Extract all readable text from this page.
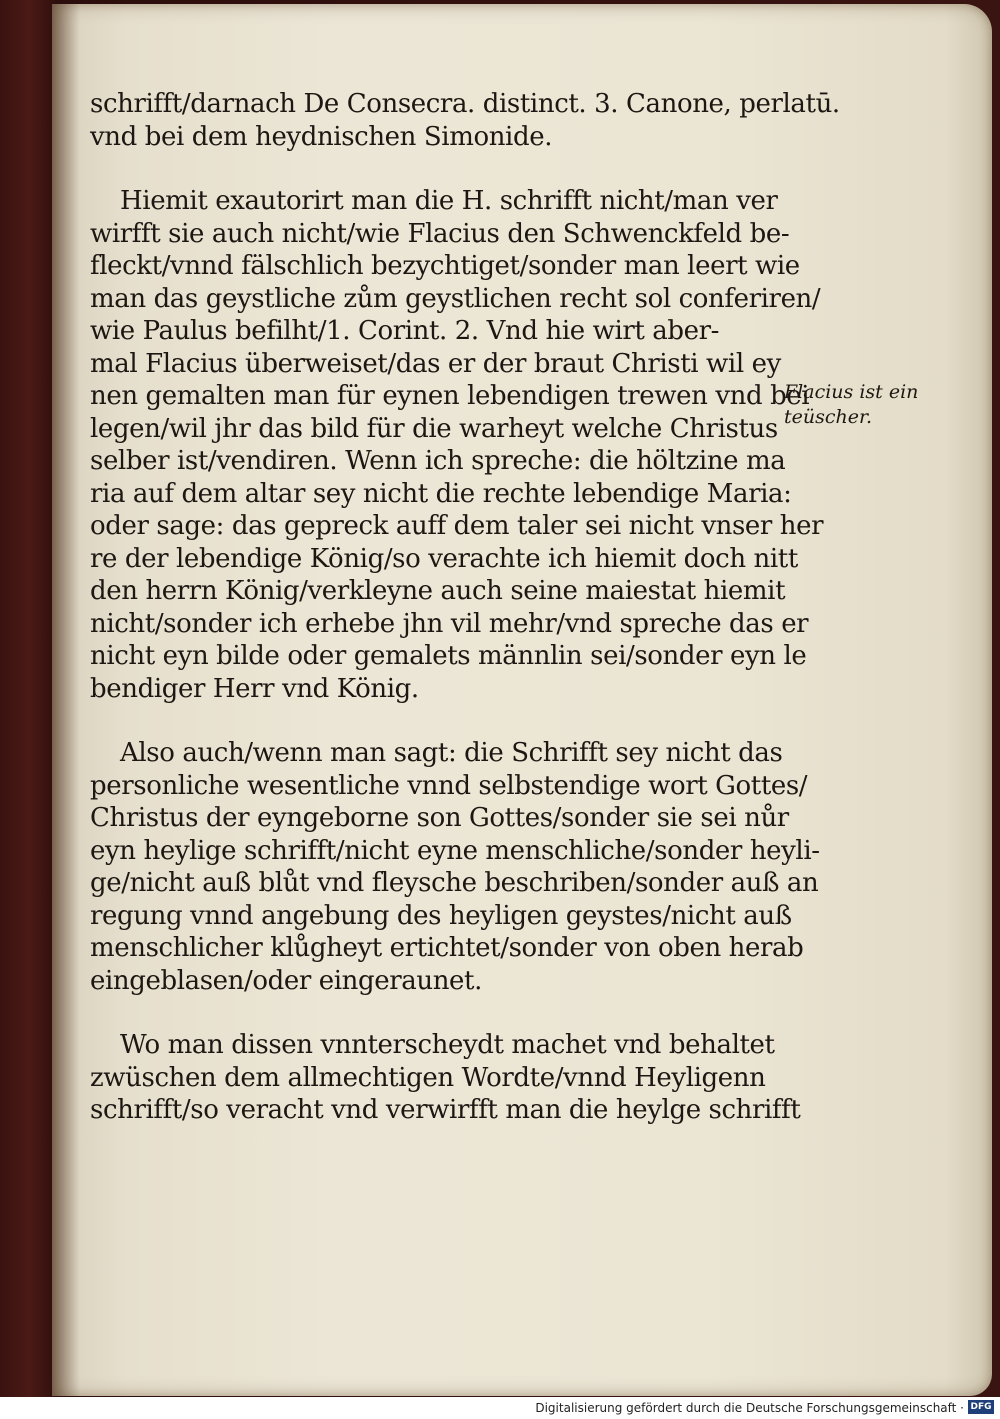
schrifft/darnach De Consecra. distinct. 3. Canone, perlatū.
vnd bei dem heydnischen Simonide.
Hiemit exautorirt man die H. schrifft nicht/man ver
wirfft sie auch nicht/wie Flacius den Schwenckfeld be-
fleckt/vnnd fälschlich bezychtiget/sonder man leert wie
man das geystliche zům geystlichen recht sol conferiren/
wie Paulus befilht/1. Corint. 2. Vnd hie wirt aber-
mal Flacius überweiset/das er der braut Christi wil ey
nen gemalten man für eynen lebendigen trewen vnd bei
legen/wil jhr das bild für die warheyt welche Christus
selber ist/vendiren. Wenn ich spreche: die höltzine ma
ria auf dem altar sey nicht die rechte lebendige Maria:
oder sage: das gepreck auff dem taler sei nicht vnser her
re der lebendige König/so verachte ich hiemit doch nitt
den herrn König/verkleyne auch seine maiestat hiemit
nicht/sonder ich erhebe jhn vil mehr/vnd spreche das er
nicht eyn bilde oder gemalets männlin sei/sonder eyn le
bendiger Herr vnd König.
Also auch/wenn man sagt: die Schrifft sey nicht das
personliche wesentliche vnnd selbstendige wort Gottes/
Christus der eyngeborne son Gottes/sonder sie sei nůr
eyn heylige schrifft/nicht eyne menschliche/sonder heyli-
ge/nicht auß blůt vnd fleysche beschriben/sonder auß an
regung vnnd angebung des heyligen geystes/nicht auß
menschlicher klůgheyt ertichtet/sonder von oben herab
eingeblasen/oder eingeraunet.
Wo man dissen vnnterscheydt machet vnd behaltet
zwüschen dem allmechtigen Wordte/vnnd Heyligenn
schrifft/so veracht vnd verwirfft man die heylge schrifft
Flacius ist ein
teüscher.
Digitalisierung gefördert durch die Deutsche Forschungsgemeinschaft · DFG
